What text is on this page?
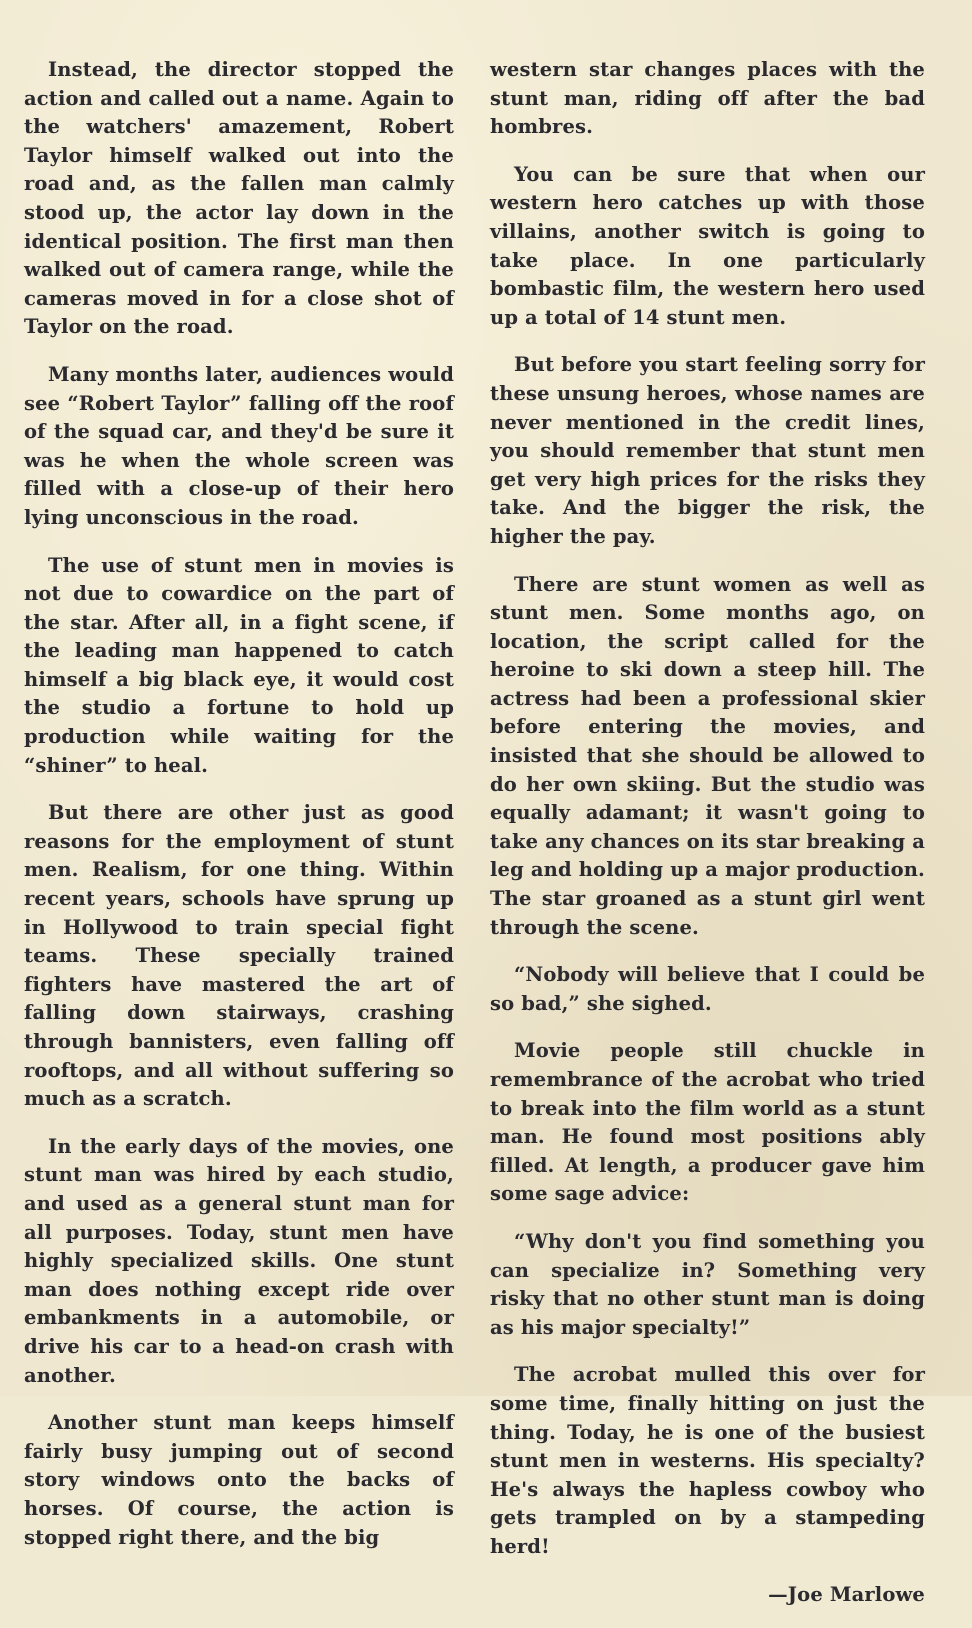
Instead, the director stopped the action and called out a name. Again to the watchers' amazement, Robert Taylor himself walked out into the road and, as the fallen man calmly stood up, the actor lay down in the identical position. The first man then walked out of camera range, while the cameras moved in for a close shot of Taylor on the road.

Many months later, audiences would see “Robert Taylor” falling off the roof of the squad car, and they'd be sure it was he when the whole screen was filled with a close-up of their hero lying unconscious in the road.

The use of stunt men in movies is not due to cowardice on the part of the star. After all, in a fight scene, if the leading man happened to catch himself a big black eye, it would cost the studio a fortune to hold up production while waiting for the “shiner” to heal.

But there are other just as good reasons for the employment of stunt men. Realism, for one thing. Within recent years, schools have sprung up in Hollywood to train special fight teams. These specially trained fighters have mastered the art of falling down stairways, crashing through bannisters, even falling off rooftops, and all without suffering so much as a scratch.

In the early days of the movies, one stunt man was hired by each studio, and used as a general stunt man for all purposes. Today, stunt men have highly specialized skills. One stunt man does nothing except ride over embankments in a automobile, or drive his car to a head-on crash with another.

Another stunt man keeps himself fairly busy jumping out of second story windows onto the backs of horses. Of course, the action is stopped right there, and the big

western star changes places with the stunt man, riding off after the bad hombres.

You can be sure that when our western hero catches up with those villains, another switch is going to take place. In one particularly bombastic film, the western hero used up a total of 14 stunt men.

But before you start feeling sorry for these unsung heroes, whose names are never mentioned in the credit lines, you should remember that stunt men get very high prices for the risks they take. And the bigger the risk, the higher the pay.

There are stunt women as well as stunt men. Some months ago, on location, the script called for the heroine to ski down a steep hill. The actress had been a professional skier before entering the movies, and insisted that she should be allowed to do her own skiing. But the studio was equally adamant; it wasn't going to take any chances on its star breaking a leg and holding up a major production. The star groaned as a stunt girl went through the scene.

“Nobody will believe that I could be so bad,” she sighed.

Movie people still chuckle in remembrance of the acrobat who tried to break into the film world as a stunt man. He found most positions ably filled. At length, a producer gave him some sage advice:

“Why don't you find something you can specialize in? Something very risky that no other stunt man is doing as his major specialty!”

The acrobat mulled this over for some time, finally hitting on just the thing. Today, he is one of the busiest stunt men in westerns. His specialty? He's always the hapless cowboy who gets trampled on by a stampeding herd!

—Joe Marlowe
